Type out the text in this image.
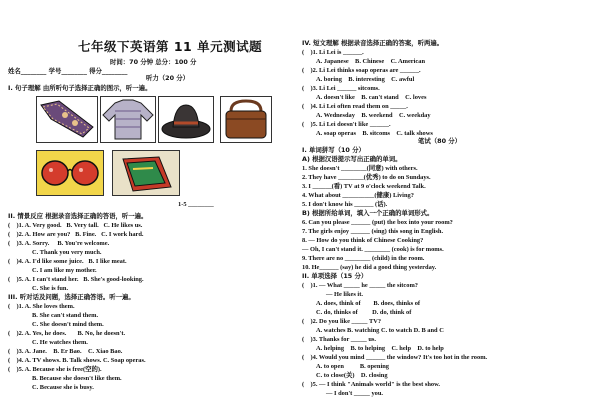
七年级下英语第 11 单元测试题
时间：70 分钟 总分：100 分
姓名________ 学号________ 得分________
听力（20 分）
I. 句子理解 由所听句子选择正确的图示，听一遍。
1-5 ________
II. 情景反应 根据录音选择正确的答语，听一遍。
(    )1. A. Very good.   B. Very tall.   C. He likes us.
(    )2. A. How are you?   B. Fine.   C. I work hard.
(    )3. A. Sorry.     B. You're welcome.
C. Thank you very much.
(    )4. A. I'd like some juice.   B. I like meat.
C. I am like my mother.
(    )5. A. I can't stand her.   B. She's good-looking.
C. She is fun.
III. 听对话及问题，选择正确答语。听一遍。
(    )1. A. She loves them.
B. She can't stand them.
C. She doesn't mind them.
(    )2. A. Yes, he does.       B. No, he doesn't.
C. He watches them.
(    )3. A. Jane.    B. Er Bao.    C. Xiao Bao.
(    )4. A. TV shows. B. Talk shows. C. Soap operas.
(    )5. A. Because she is free(空的).
B. Because she doesn't like them.
C. Because she is busy.
IV. 短文理解 根据录音选择正确的答案，听两遍。
(    )1. Li Lei is ______.
A. Japanese    B. Chinese    C. American
(    )2. Li Lei thinks soap operas are ______.
A. boring    B. interesting    C. awful
(    )3. Li Lei ______ sitcoms.
A. doesn't like    B. can't stand    C. loves
(    )4. Li Lei often read them on _____.
A. Wednesday    B. weekend    C. weekday
(    )5. Li Lei doesn't like ______.
A. soap operas    B. sitcoms    C. talk shows
笔试（80 分）
I. 单词拼写（10 分）
A) 根据汉语提示写出正确的单词。
1. She doesn't ________(同意) with others.
2. They have ________(优秀) to do on Sundays.
3. I ______(看) TV at 9 o'clock weekend Talk.
4. What about __________(健康) Living?
5. I don't know his ______ (话).
B) 根据所给单词，填入一个正确的单词形式。
6. Can you please ______ (put) the box into your room?
7. The girls enjoy ______ (sing) this song in English.
8. — How do you think of Chinese Cooking?
— Oh, I can't stand it. ________ (cook) is for moms.
9. There are no ________ (child) in the room.
10. He______ (say) he did a good thing yesterday.
II. 单项选择（15 分）
(    )1. — What _____ he _____ the sitcom?
— He likes it.
A. does, think of        B. does, thinks of
C. do, thinks of         D. do, think of
(    )2. Do you like _____ TV?
A. watches B. watching C. to watch D. B and C
(    )3. Thanks for _____ us.
A. helping    B. to helping    C. help    D. to help
(    )4. Would you mind ______ the window? It's too hot in the room.
A. to open          B. opening
C. to close(关)    D. closing
(    )5. — I think "Animals world" is the best show.
— I don't _____ you.
